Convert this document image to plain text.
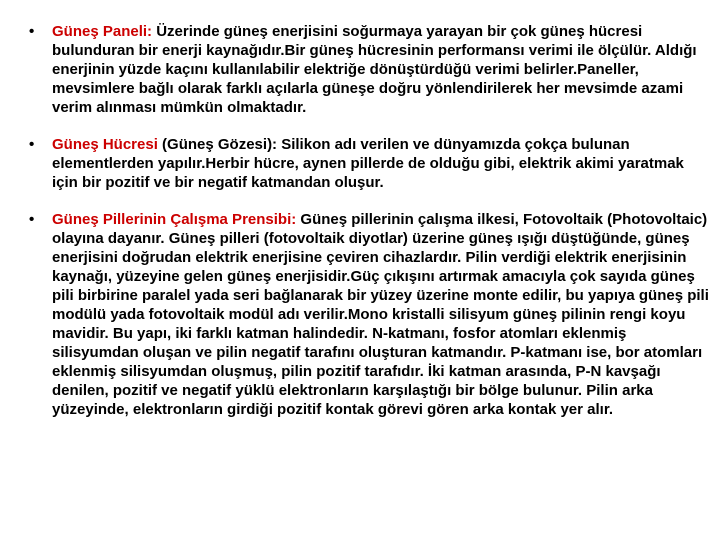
• Güneş Paneli: Üzerinde güneş enerjisini soğurmaya yarayan bir çok güneş hücresi bulunduran bir enerji kaynağıdır.Bir güneş hücresinin performansı verimi ile ölçülür. Aldığı enerjinin yüzde kaçını kullanılabilir elektriğe dönüştürdüğü verimi belirler.Paneller, mevsimlere bağlı olarak farklı açılarla güneşe doğru yönlendirilerek her mevsimde azami verim alınması mümkün olmaktadır.
• Güneş Hücresi (Güneş Gözesi): Silikon adı verilen ve dünyamızda çokça bulunan elementlerden yapılır.Herbir hücre, aynen pillerde de olduğu gibi, elektrik akimi yaratmak için bir pozitif ve bir negatif katmandan oluşur.
• Güneş Pillerinin Çalışma Prensibi: Güneş pillerinin çalışma ilkesi, Fotovoltaik (Photovoltaic) olayına dayanır. Güneş pilleri (fotovoltaik diyotlar) üzerine güneş ışığı düştüğünde, güneş enerjisini doğrudan elektrik enerjisine çeviren cihazlardır. Pilin verdiği elektrik enerjisinin kaynağı, yüzeyine gelen güneş enerjisidir.Güç çıkışını artırmak amacıyla çok sayıda güneş pili birbirine paralel yada seri bağlanarak bir yüzey üzerine monte edilir, bu yapıya güneş pili modülü yada fotovoltaik modül adı verilir.Mono kristalli silisyum güneş pilinin rengi koyu mavidir. Bu yapı, iki farklı katman halindedir. N-katmanı, fosfor atomları eklenmiş silisyumdan oluşan ve pilin negatif tarafını oluşturan katmandır. P-katmanı ise, bor atomları eklenmiş silisyumdan oluşmuş, pilin pozitif tarafıdır. İki katman arasında, P-N kavşağı denilen, pozitif ve negatif yüklü elektronların karşılaştığı bir bölge bulunur. Pilin arka yüzeyinde, elektronların girdiği pozitif kontak görevi gören arka kontak yer alır.
